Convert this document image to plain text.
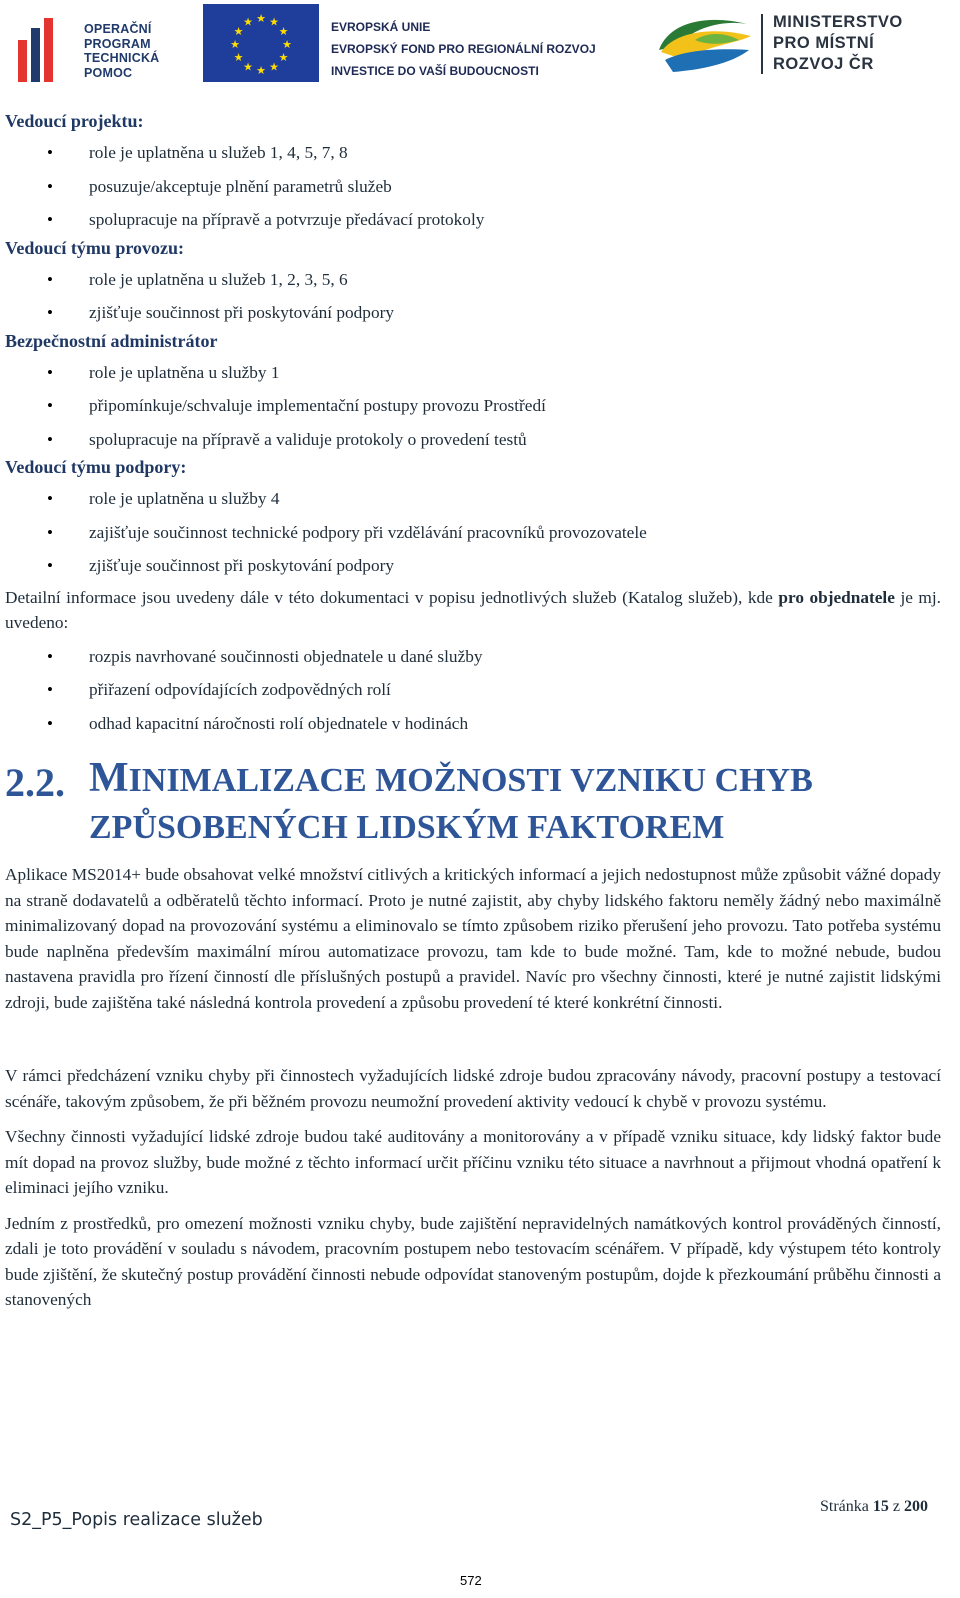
OPERAČNÍ
PROGRAM
TECHNICKÁ
POMOC
★ ★
★
★
★
★
★
★
★
★
★
★	EVROPSKÁ UNIE
EVROPSKÝ FOND PRO REGIONÁLNÍ ROZVOJ
INVESTICE DO VAŠÍ BUDOUCNOSTI
MINISTERSTVO
PRO MÍSTNÍ
ROZVOJ ČR

Vedoucí projektu:

• role je uplatněna u služeb 1, 4, 5, 7, 8
• posuzuje/akceptuje plnění parametrů služeb
• spolupracuje na přípravě a potvrzuje předávací protokoly

Vedoucí týmu provozu:

• role je uplatněna u služeb 1, 2, 3, 5, 6
• zjišťuje součinnost při poskytování podpory

Bezpečnostní administrátor

• role je uplatněna u služby 1
• připomínkuje/schvaluje implementační postupy provozu Prostředí
• spolupracuje na přípravě a validuje protokoly o provedení testů

Vedoucí týmu podpory:

• role je uplatněna u služby 4
• zajišťuje součinnost technické podpory při vzdělávání pracovníků provozovatele
• zjišťuje součinnost při poskytování podpory

Detailní informace jsou uvedeny dále v této dokumentaci v popisu jednotlivých služeb (Katalog služeb), kde pro objednatele je mj. uvedeno:

• rozpis navrhované součinnosti objednatele u dané služby
• přiřazení odpovídajících zodpovědných rolí
• odhad kapacitní náročnosti rolí objednatele v hodinách
2.2. MINIMALIZACE MOŽNOSTI VZNIKU CHYB
ZPŮSOBENÝCH LIDSKÝM FAKTOREM

Aplikace MS2014+ bude obsahovat velké množství citlivých a kritických informací a jejich nedostupnost může způsobit vážné dopady na straně dodavatelů a odběratelů těchto informací. Proto je nutné zajistit, aby chyby lidského faktoru neměly žádný nebo maximálně minimalizovaný dopad na provozování systému a eliminovalo se tímto způsobem riziko přerušení jeho provozu. Tato potřeba systému bude naplněna především maximální mírou automatizace provozu, tam kde to bude možné. Tam, kde to možné nebude, budou nastavena pravidla pro řízení činností dle příslušných postupů a pravidel. Navíc pro všechny činnosti, které je nutné zajistit lidskými zdroji, bude zajištěna také následná kontrola provedení a způsobu provedení té které konkrétní činnosti.

V rámci předcházení vzniku chyby při činnostech vyžadujících lidské zdroje budou zpracovány návody, pracovní postupy a testovací scénáře, takovým způsobem, že při běžném provozu neumožní provedení aktivity vedoucí k chybě v provozu systému.

Všechny činnosti vyžadující lidské zdroje budou také auditovány a monitorovány a v případě vzniku situace, kdy lidský faktor bude mít dopad na provoz služby, bude možné z těchto informací určit příčinu vzniku této situace a navrhnout a přijmout vhodná opatření k eliminaci jejího vzniku.

Jedním z prostředků, pro omezení možnosti vzniku chyby, bude zajištění nepravidelných namátkových kontrol prováděných činností, zdali je toto provádění v souladu s návodem, pracovním postupem nebo testovacím scénářem. V případě, kdy výstupem této kontroly bude zjištění, že skutečný postup provádění činnosti nebude odpovídat stanoveným postupům, dojde k přezkoumání průběhu činnosti a stanovených

S2_P5_Popis realizace služeb
Stránka 15 z 200
572
